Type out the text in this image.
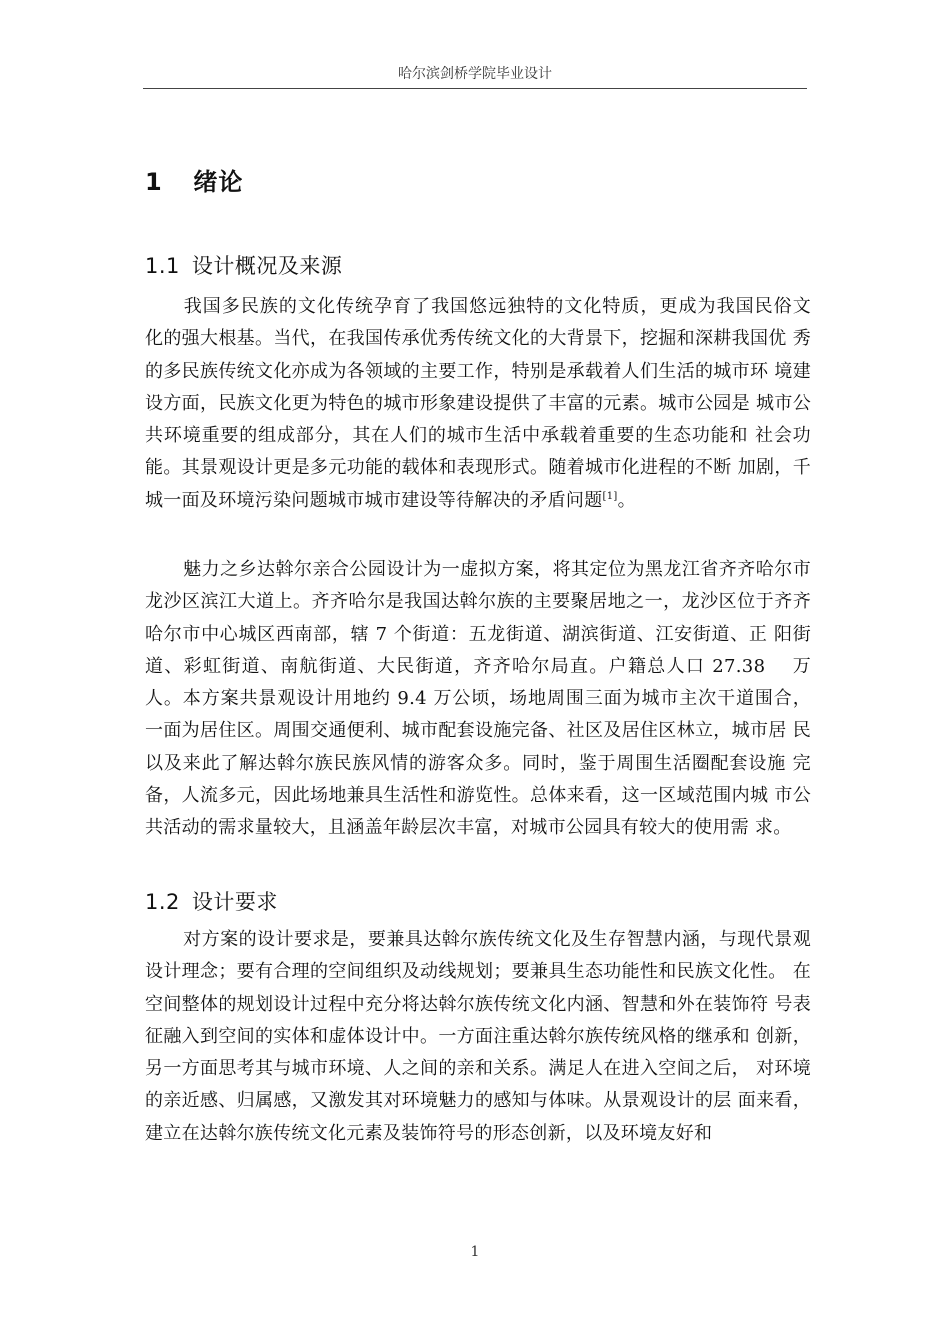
哈尔滨剑桥学院毕业设计
1 绪论
1.1 设计概况及来源
我国多民族的文化传统孕育了我国悠远独特的文化特质，更成为我国民俗文 化的强大根基。当代，在我国传承优秀传统文化的大背景下，挖掘和深耕我国优 秀的多民族传统文化亦成为各领域的主要工作，特别是承载着人们生活的城市环 境建设方面，民族文化更为特色的城市形象建设提供了丰富的元素。城市公园是 城市公共环境重要的组成部分，其在人们的城市生活中承载着重要的生态功能和 社会功能。其景观设计更是多元功能的载体和表现形式。随着城市化进程的不断 加剧，千城一面及环境污染问题城市城市建设等待解决的矛盾问题[1]。
魅力之乡达斡尔亲合公园设计为一虚拟方案，将其定位为黑龙江省齐齐哈尔市龙沙区滨江大道上。齐齐哈尔是我国达斡尔族的主要聚居地之一，龙沙区位于齐齐哈尔市中心城区西南部，辖 7 个街道：五龙街道、湖滨街道、江安街道、正 阳街道、彩虹街道、南航街道、大民街道，齐齐哈尔局直。户籍总人口 27.38　 万人。本方案共景观设计用地约 9.4 万公顷，场地周围三面为城市主次干道围合， 一面为居住区。周围交通便利、城市配套设施完备、社区及居住区林立，城市居 民以及来此了解达斡尔族民族风情的游客众多。同时，鉴于周围生活圈配套设施 完备，人流多元，因此场地兼具生活性和游览性。总体来看，这一区域范围内城 市公共活动的需求量较大，且涵盖年龄层次丰富，对城市公园具有较大的使用需 求。
1.2 设计要求
对方案的设计要求是，要兼具达斡尔族传统文化及生存智慧内涵，与现代景观设计理念；要有合理的空间组织及动线规划；要兼具生态功能性和民族文化性。 在空间整体的规划设计过程中充分将达斡尔族传统文化内涵、智慧和外在装饰符 号表征融入到空间的实体和虚体设计中。一方面注重达斡尔族传统风格的继承和 创新，另一方面思考其与城市环境、人之间的亲和关系。满足人在进入空间之后， 对环境的亲近感、归属感，又激发其对环境魅力的感知与体味。从景观设计的层 面来看，建立在达斡尔族传统文化元素及装饰符号的形态创新，以及环境友好和
1
